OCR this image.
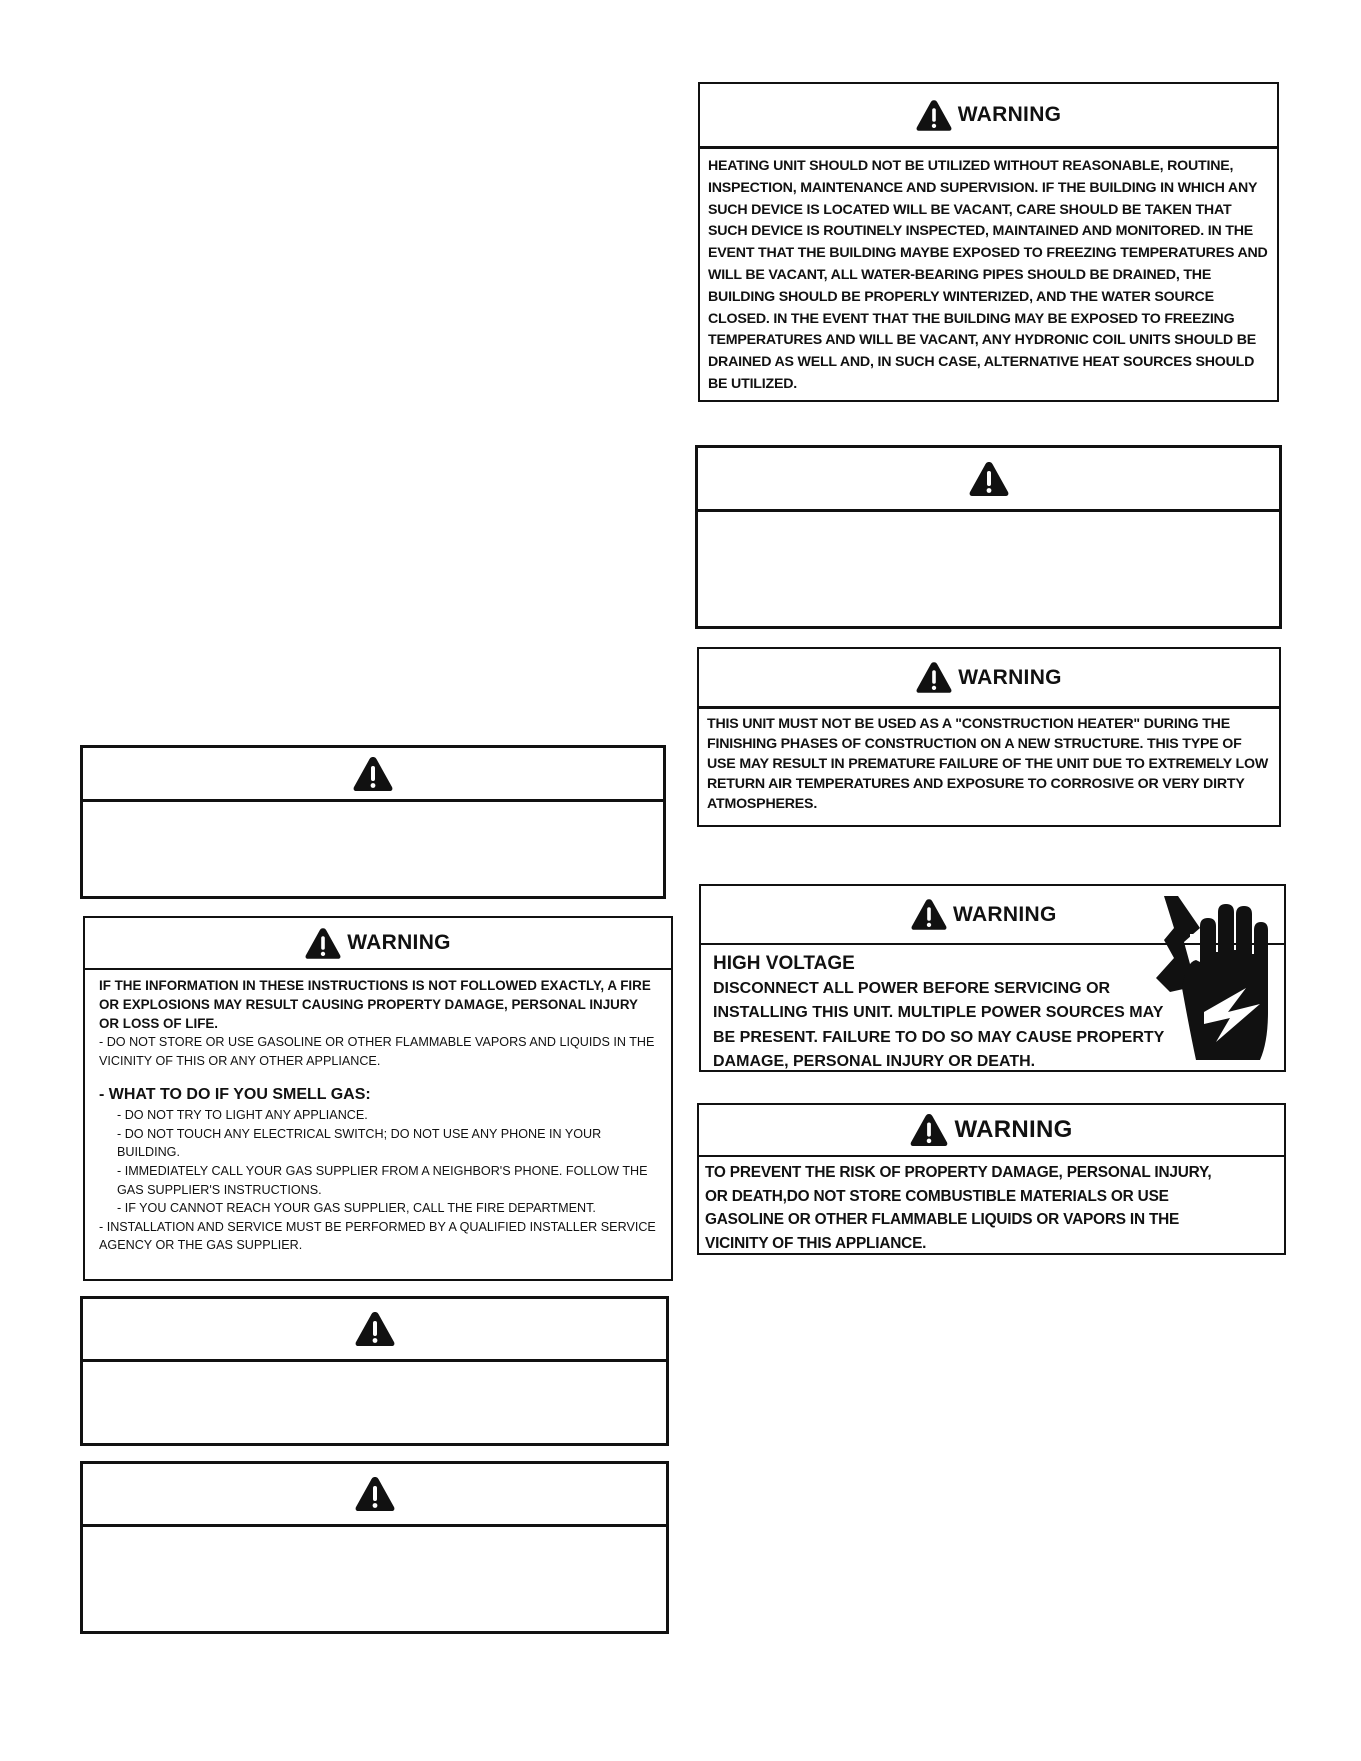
WARNING
HEATING UNIT SHOULD NOT BE UTILIZED WITHOUT REASONABLE, ROUTINE, INSPECTION, MAINTENANCE AND SUPERVISION. IF THE BUILDING IN WHICH ANY SUCH DEVICE IS LOCATED WILL BE VACANT, CARE SHOULD BE TAKEN THAT SUCH DEVICE IS ROUTINELY INSPECTED, MAINTAINED AND MONITORED. IN THE EVENT THAT THE BUILDING MAYBE EXPOSED TO FREEZING TEMPERATURES AND WILL BE VACANT, ALL WATER-BEARING PIPES SHOULD BE DRAINED, THE BUILDING SHOULD BE PROPERLY WINTERIZED, AND THE WATER SOURCE CLOSED. IN THE EVENT THAT THE BUILDING MAY BE EXPOSED TO FREEZING TEMPERATURES AND WILL BE VACANT, ANY HYDRONIC COIL UNITS SHOULD BE DRAINED AS WELL AND, IN SUCH CASE, ALTERNATIVE HEAT SOURCES SHOULD BE UTILIZED.
WARNING
THIS UNIT MUST NOT BE USED AS A "CONSTRUCTION HEATER" DURING THE FINISHING PHASES OF CONSTRUCTION ON A NEW STRUCTURE. THIS TYPE OF USE MAY RESULT IN PREMATURE FAILURE OF THE UNIT DUE TO EXTREMELY LOW RETURN AIR TEMPERATURES AND EXPOSURE TO CORROSIVE OR VERY DIRTY ATMOSPHERES.
WARNING
HIGH VOLTAGE
DISCONNECT ALL POWER BEFORE SERVICING OR INSTALLING THIS UNIT. MULTIPLE POWER SOURCES MAY BE PRESENT. FAILURE TO DO SO MAY CAUSE PROPERTY DAMAGE, PERSONAL INJURY OR DEATH.
WARNING
TO PREVENT THE RISK OF PROPERTY DAMAGE, PERSONAL INJURY, OR DEATH,DO NOT STORE COMBUSTIBLE MATERIALS OR USE GASOLINE OR OTHER FLAMMABLE LIQUIDS OR VAPORS IN THE VICINITY OF THIS APPLIANCE.
WARNING

IF THE INFORMATION IN THESE INSTRUCTIONS IS NOT FOLLOWED EXACTLY, A FIRE OR EXPLOSIONS MAY RESULT CAUSING PROPERTY DAMAGE, PERSONAL INJURY OR LOSS OF LIFE.

- DO NOT STORE OR USE GASOLINE OR OTHER FLAMMABLE VAPORS AND LIQUIDS IN THE VICINITY OF THIS OR ANY OTHER APPLIANCE.

- WHAT TO DO IF YOU SMELL GAS:

- DO NOT TRY TO LIGHT ANY APPLIANCE.

- DO NOT TOUCH ANY ELECTRICAL SWITCH; DO NOT USE ANY PHONE IN YOUR BUILDING.

- IMMEDIATELY CALL YOUR GAS SUPPLIER FROM A NEIGHBOR'S PHONE. FOLLOW THE GAS SUPPLIER'S INSTRUCTIONS.

- IF YOU CANNOT REACH YOUR GAS SUPPLIER, CALL THE FIRE DEPARTMENT.

- INSTALLATION AND SERVICE MUST BE PERFORMED BY A QUALIFIED INSTALLER SERVICE AGENCY OR THE GAS SUPPLIER.
